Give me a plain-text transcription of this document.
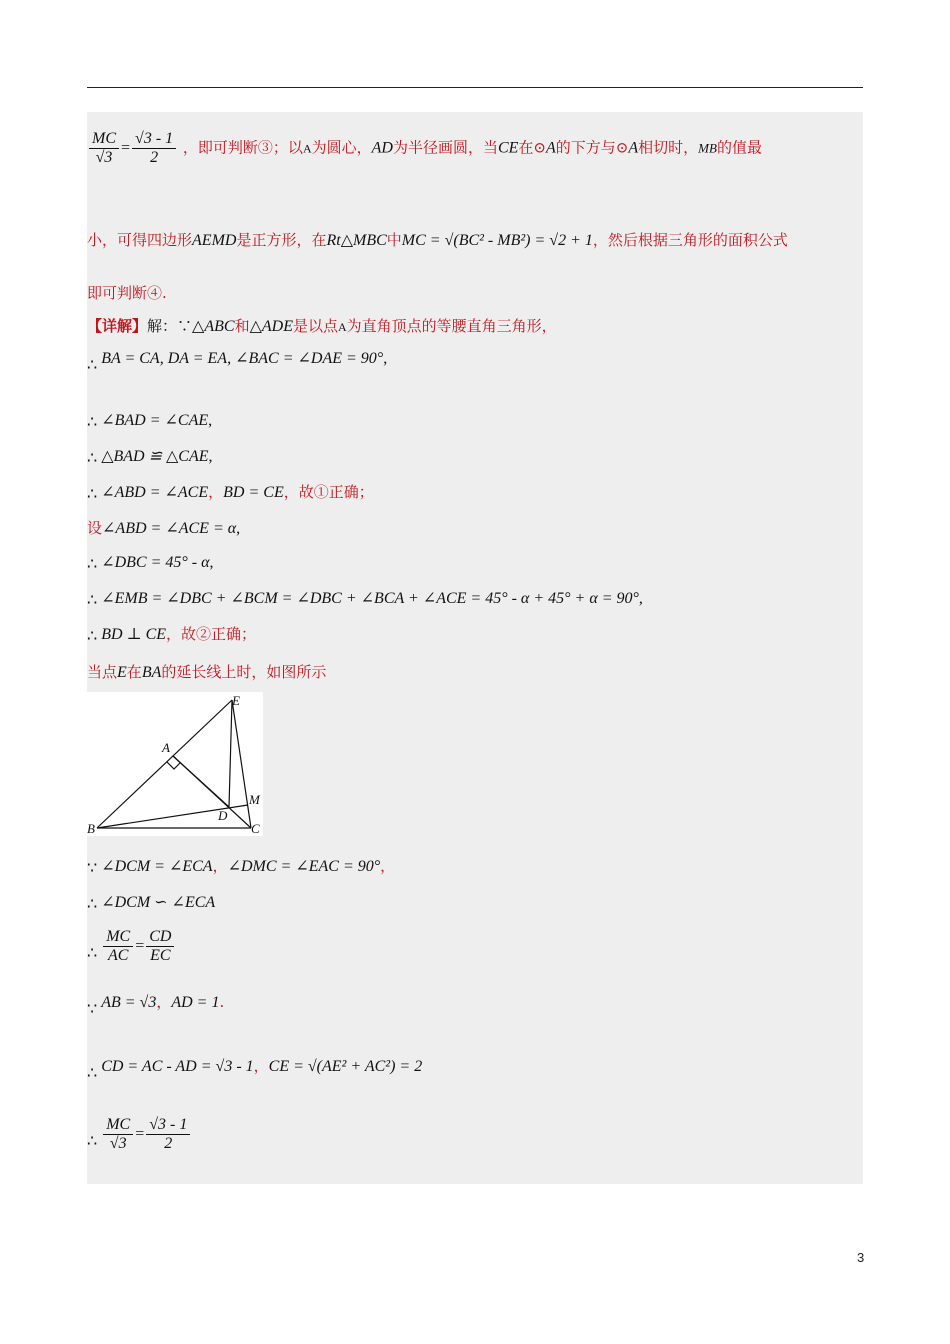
$\frac{MC}{√3} = \frac{√3 - 1}{2}$ ，即可判断③；以A为圆心，AD为半径画圆，当CE在⊙A的下方与⊙A相切时，MB的值最
小，可得四边形AEMD是正方形，在Rt△MBC中MC = √(BC² - MB²) = √2 + 1，然后根据三角形的面积公式
即可判断④.
【详解】解：∵△ABC和△ADE是以点A为直角顶点的等腰直角三角形，
∴ BA = CA, DA = EA, ∠BAC = ∠DAE = 90°,
∴ ∠BAD = ∠CAE,
∴ △BAD ≌ △CAE,
∴ ∠ABD = ∠ACE，BD = CE，故①正确；
设∠ABD = ∠ACE = α,
∴ ∠DBC = 45° - α,
∴ ∠EMB = ∠DBC + ∠BCM = ∠DBC + ∠BCA + ∠ACE = 45° - α + 45° + α = 90°,
∴ BD ⊥ CE，故②正确；
当点E在BA的延长线上时，如图所示
E
A
M
B
D
C
∵ ∠DCM = ∠ECA，∠DMC = ∠EAC = 90°，
∴ ∠DCM ∽ ∠ECA
∴ $\frac{MC}{AC} = \frac{CD}{EC}$
∵ AB = √3，AD = 1.
∴ CD = AC - AD = √3 - 1，CE = √(AE² + AC²) = 2
∴ $\frac{MC}{√3} = \frac{√3 - 1}{2}$
3
